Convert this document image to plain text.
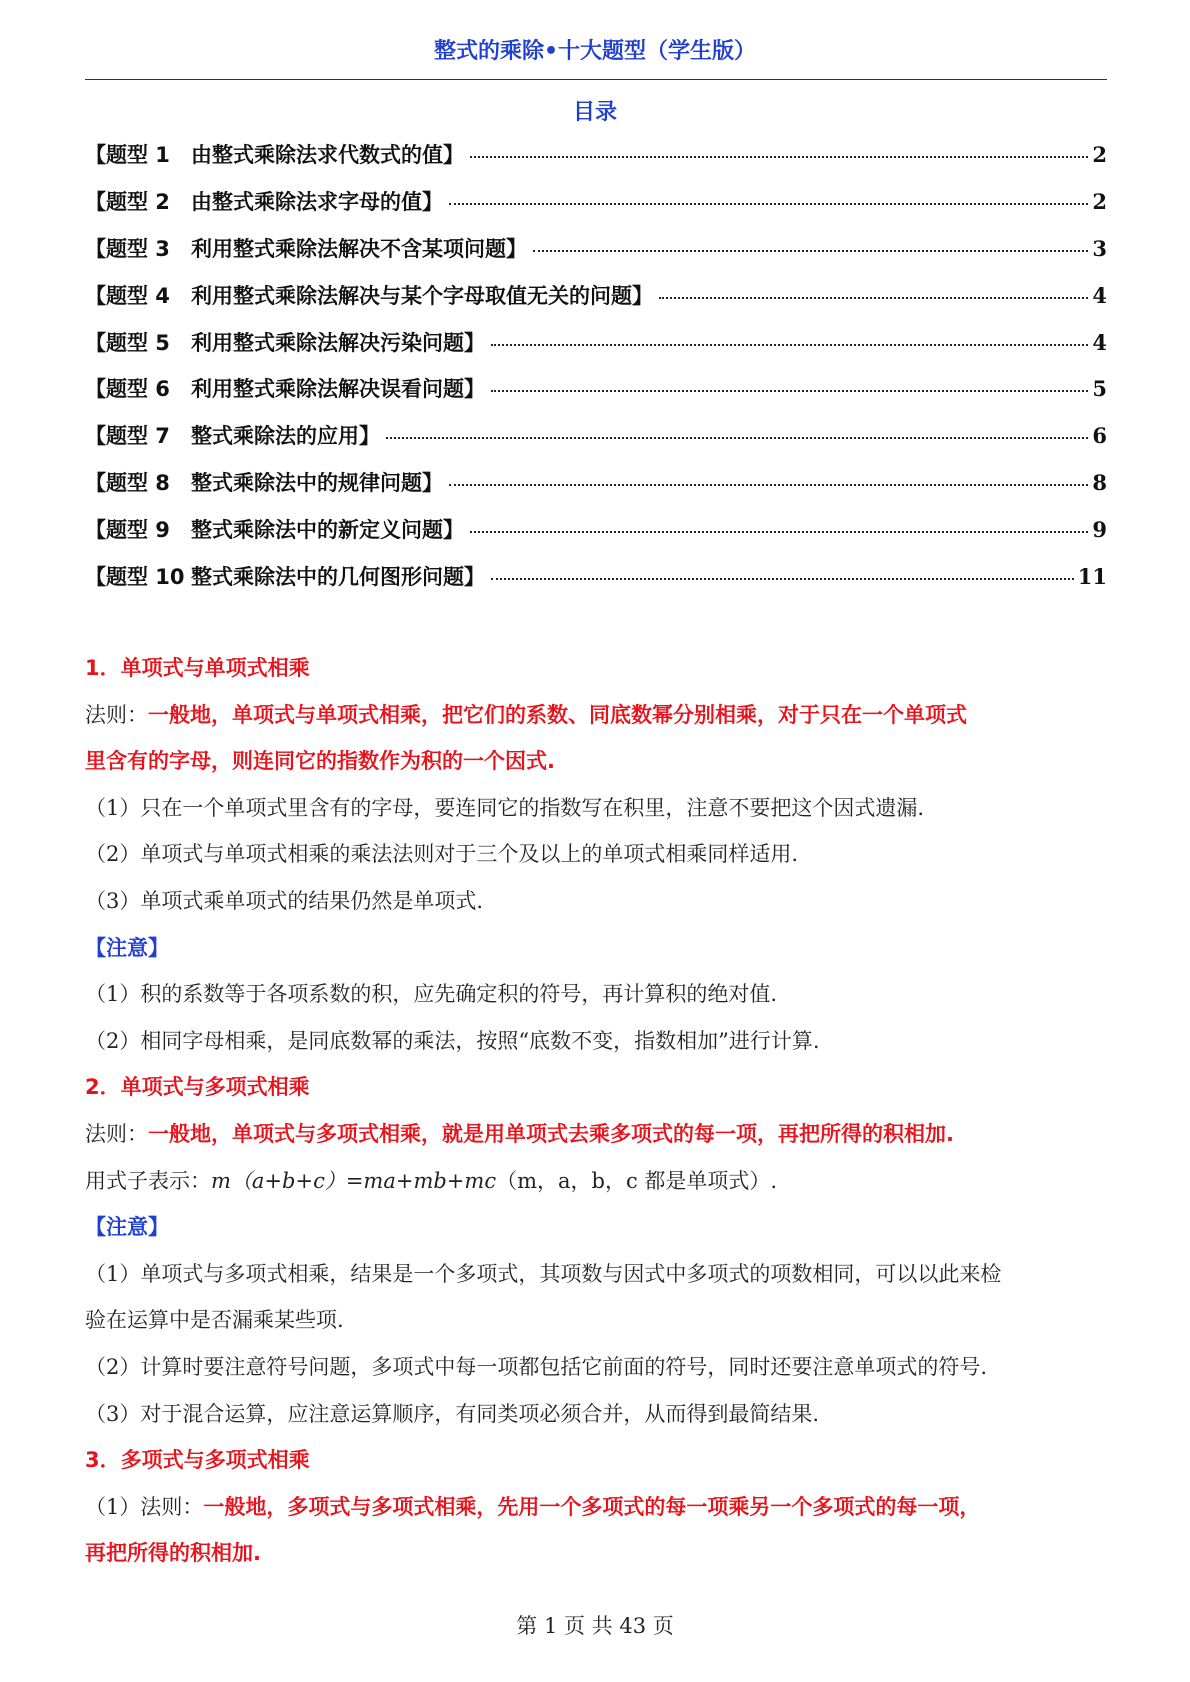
整式的乘除•十大题型（学生版）
目录
【题型 1	由整式乘除法求代数式的值】	2
【题型 2	由整式乘除法求字母的值】	2
【题型 3	利用整式乘除法解决不含某项问题】	3
【题型 4	利用整式乘除法解决与某个字母取值无关的问题】	4
【题型 5	利用整式乘除法解决污染问题】	4
【题型 6	利用整式乘除法解决误看问题】	5
【题型 7	整式乘除法的应用】	6
【题型 8	整式乘除法中的规律问题】	8
【题型 9	整式乘除法中的新定义问题】	9
【题型 10 整式乘除法中的几何图形问题】	11
1．单项式与单项式相乘
法则：一般地，单项式与单项式相乘，把它们的系数、同底数幂分别相乘，对于只在一个单项式
里含有的字母，则连同它的指数作为积的一个因式.
（1）只在一个单项式里含有的字母，要连同它的指数写在积里，注意不要把这个因式遗漏.
（2）单项式与单项式相乘的乘法法则对于三个及以上的单项式相乘同样适用.
（3）单项式乘单项式的结果仍然是单项式.
【注意】
（1）积的系数等于各项系数的积，应先确定积的符号，再计算积的绝对值.
（2）相同字母相乘，是同底数幂的乘法，按照“底数不变，指数相加”进行计算.
2．单项式与多项式相乘
法则：一般地，单项式与多项式相乘，就是用单项式去乘多项式的每一项，再把所得的积相加.
用式子表示：m（a+b+c）=ma+mb+mc（m，a，b，c 都是单项式）.
【注意】
（1）单项式与多项式相乘，结果是一个多项式，其项数与因式中多项式的项数相同，可以以此来检
验在运算中是否漏乘某些项.
（2）计算时要注意符号问题，多项式中每一项都包括它前面的符号，同时还要注意单项式的符号.
（3）对于混合运算，应注意运算顺序，有同类项必须合并，从而得到最简结果.
3．多项式与多项式相乘
（1）法则：一般地，多项式与多项式相乘，先用一个多项式的每一项乘另一个多项式的每一项，
再把所得的积相加.
第 1 页 共 43 页
